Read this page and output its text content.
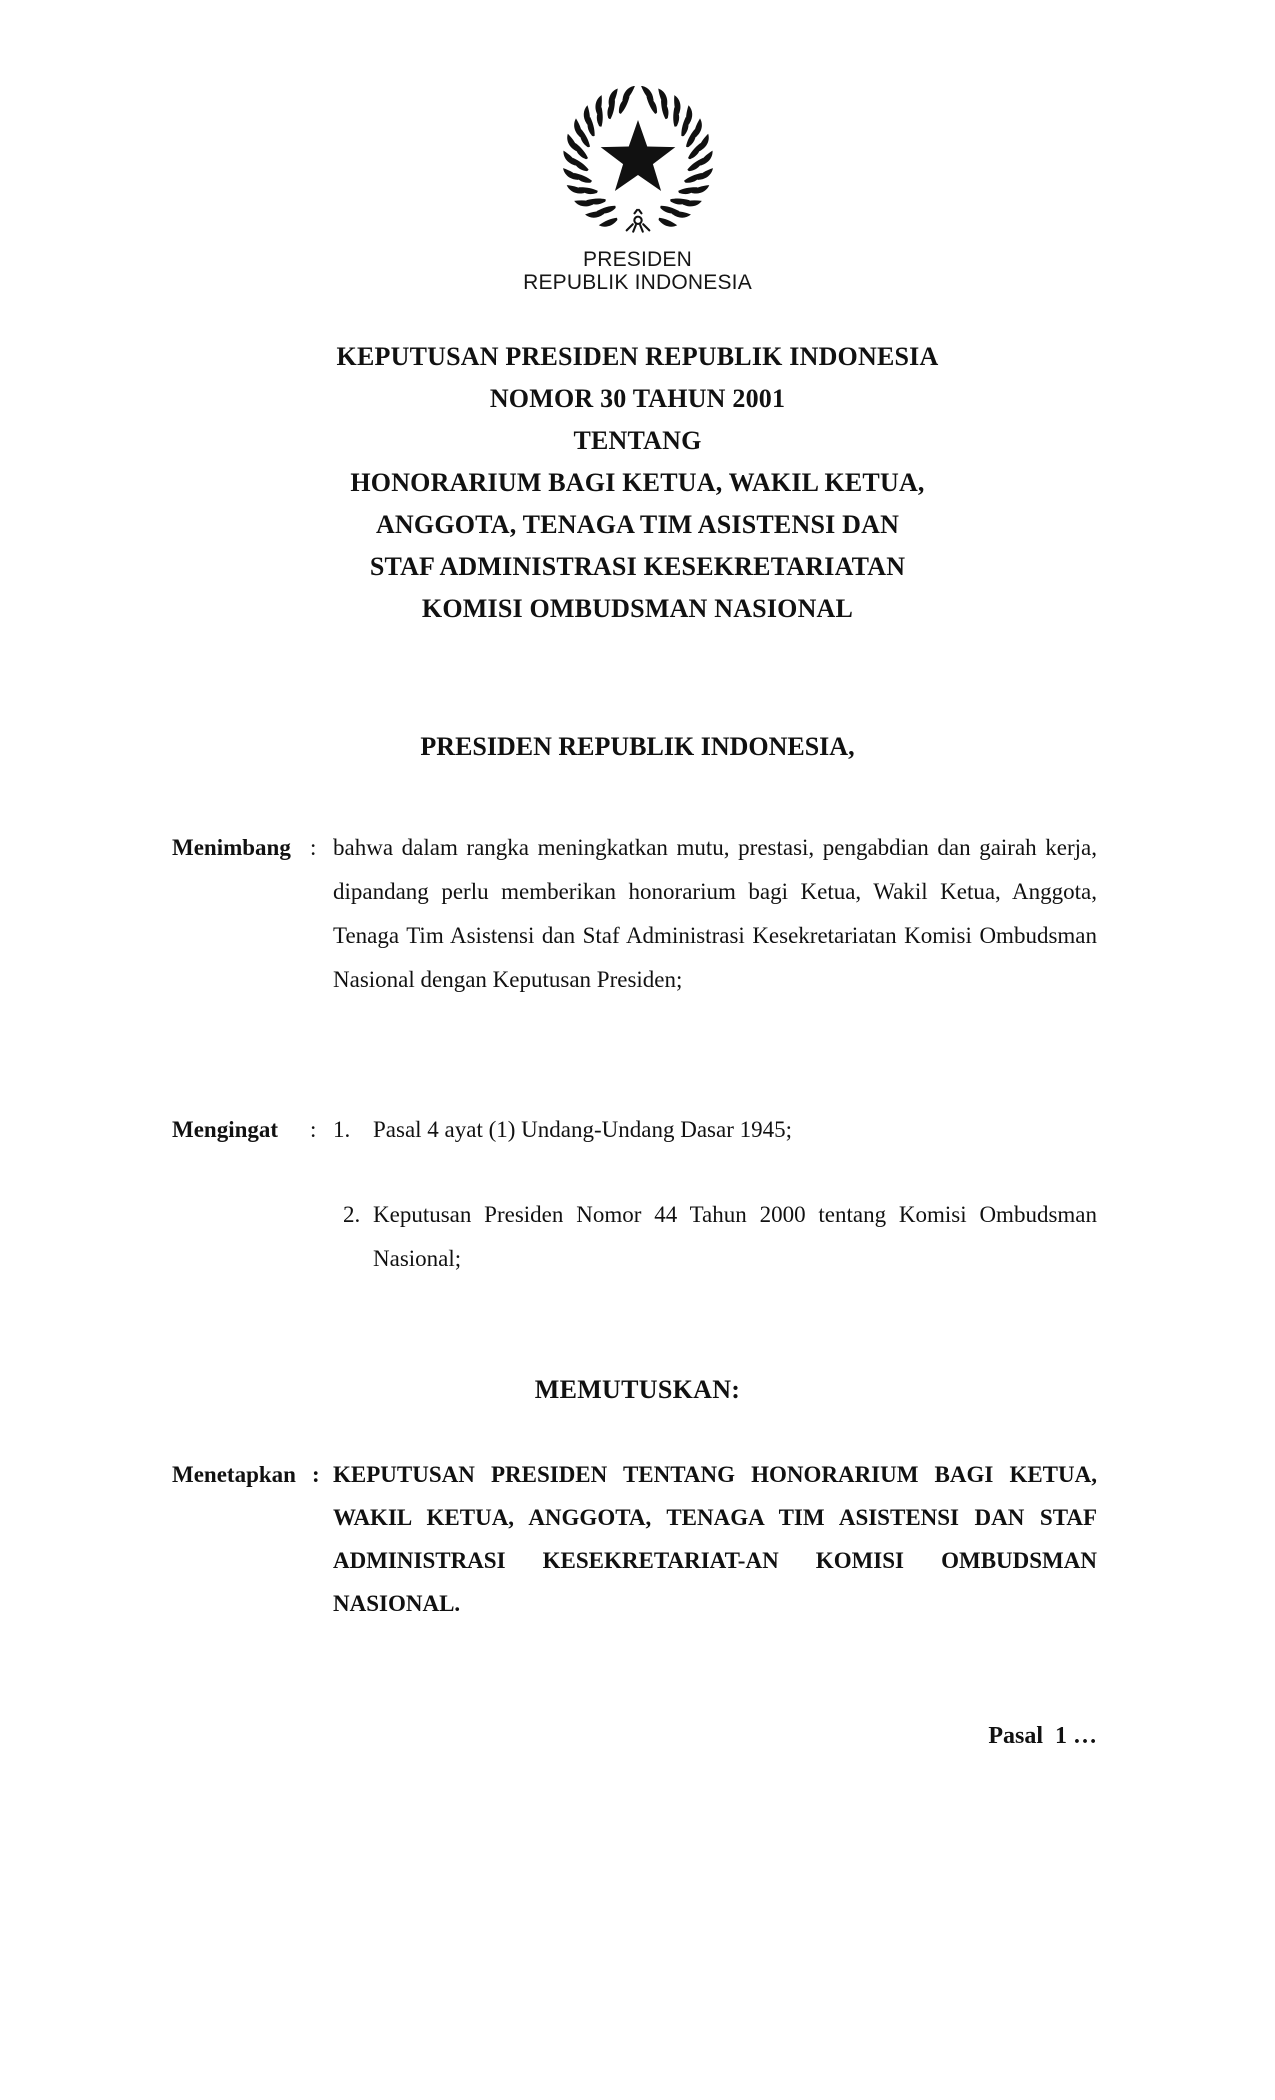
PRESIDEN
REPUBLIK INDONESIA
KEPUTUSAN PRESIDEN REPUBLIK INDONESIA
NOMOR 30 TAHUN 2001
TENTANG
HONORARIUM BAGI KETUA, WAKIL KETUA,
ANGGOTA, TENAGA TIM ASISTENSI DAN
STAF ADMINISTRASI KESEKRETARIATAN
KOMISI OMBUDSMAN NASIONAL
PRESIDEN REPUBLIK INDONESIA,
Menimbang : bahwa dalam rangka meningkatkan mutu, prestasi, pengabdian dan gairah kerja, dipandang perlu memberikan honorarium bagi Ketua, Wakil Ketua, Anggota, Tenaga Tim Asistensi dan Staf Administrasi Kesekretariatan Komisi Ombudsman Nasional dengan Keputusan Presiden;
Mengingat	: 1. Pasal 4 ayat (1) Undang-Undang Dasar 1945;
2. Keputusan Presiden Nomor 44 Tahun 2000 tentang Komisi Ombudsman Nasional;
MEMUTUSKAN:
Menetapkan : KEPUTUSAN PRESIDEN TENTANG HONORARIUM BAGI KETUA, WAKIL KETUA, ANGGOTA, TENAGA TIM ASISTENSI DAN STAF ADMINISTRASI KESEKRETARIAT-AN KOMISI OMBUDSMAN NASIONAL.
Pasal  1 …
